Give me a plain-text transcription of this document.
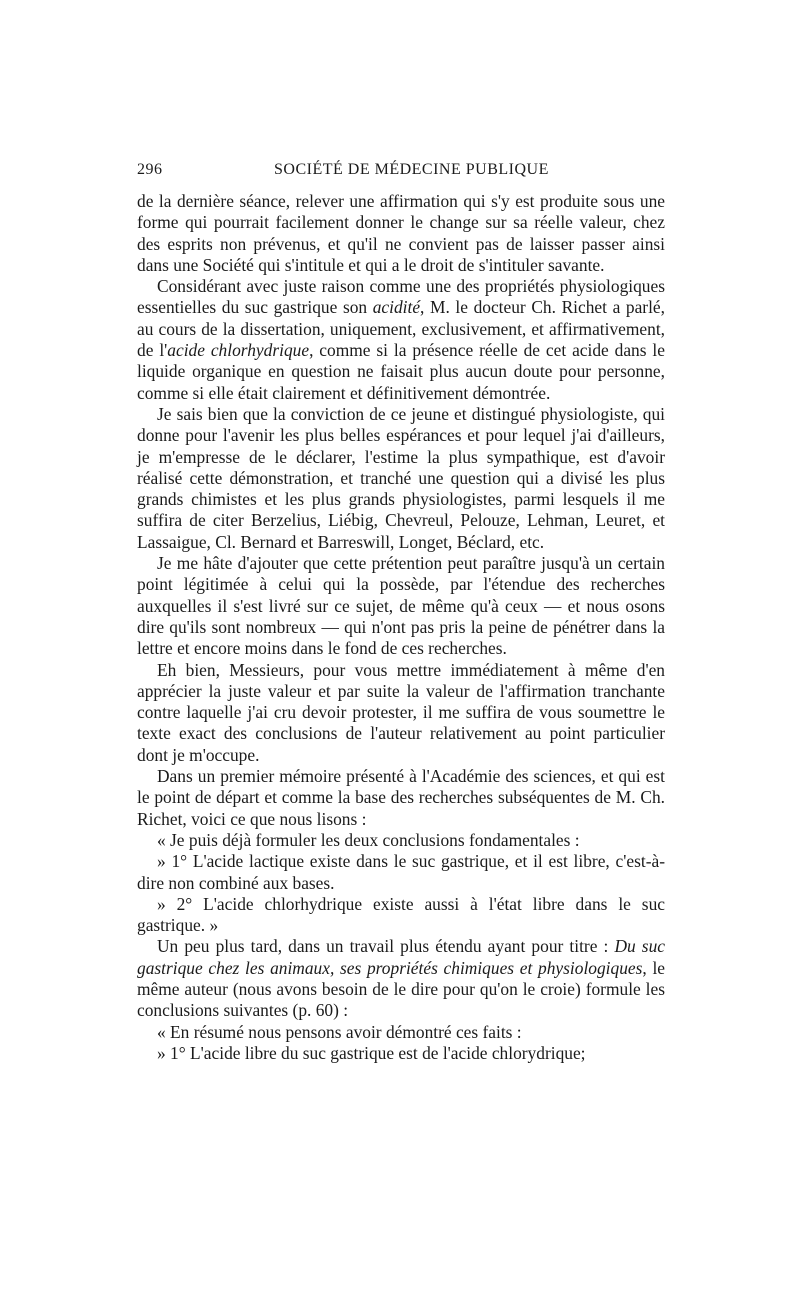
296	SOCIÉTÉ DE MÉDECINE PUBLIQUE

de la dernière séance, relever une affirmation qui s'y est produite sous une forme qui pourrait facilement donner le change sur sa réelle valeur, chez des esprits non prévenus, et qu'il ne convient pas de laisser passer ainsi dans une Société qui s'intitule et qui a le droit de s'intituler savante.

Considérant avec juste raison comme une des propriétés physiologiques essentielles du suc gastrique son acidité, M. le docteur Ch. Richet a parlé, au cours de la dissertation, uniquement, exclusivement, et affirmativement, de l'acide chlorhydrique, comme si la présence réelle de cet acide dans le liquide organique en question ne faisait plus aucun doute pour personne, comme si elle était clairement et définitivement démontrée.

Je sais bien que la conviction de ce jeune et distingué physiologiste, qui donne pour l'avenir les plus belles espérances et pour lequel j'ai d'ailleurs, je m'empresse de le déclarer, l'estime la plus sympathique, est d'avoir réalisé cette démonstration, et tranché une question qui a divisé les plus grands chimistes et les plus grands physiologistes, parmi lesquels il me suffira de citer Berzelius, Liébig, Chevreul, Pelouze, Lehman, Leuret, et Lassaigue, Cl. Bernard et Barreswill, Longet, Béclard, etc.

Je me hâte d'ajouter que cette prétention peut paraître jusqu'à un certain point légitimée à celui qui la possède, par l'étendue des recherches auxquelles il s'est livré sur ce sujet, de même qu'à ceux — et nous osons dire qu'ils sont nombreux — qui n'ont pas pris la peine de pénétrer dans la lettre et encore moins dans le fond de ces recherches.

Eh bien, Messieurs, pour vous mettre immédiatement à même d'en apprécier la juste valeur et par suite la valeur de l'affirmation tranchante contre laquelle j'ai cru devoir protester, il me suffira de vous soumettre le texte exact des conclusions de l'auteur relativement au point particulier dont je m'occupe.

Dans un premier mémoire présenté à l'Académie des sciences, et qui est le point de départ et comme la base des recherches subséquentes de M. Ch. Richet, voici ce que nous lisons :

« Je puis déjà formuler les deux conclusions fondamentales :

» 1° L'acide lactique existe dans le suc gastrique, et il est libre, c'est-à-dire non combiné aux bases.

» 2° L'acide chlorhydrique existe aussi à l'état libre dans le suc gastrique. »

Un peu plus tard, dans un travail plus étendu ayant pour titre : Du suc gastrique chez les animaux, ses propriétés chimiques et physiologiques, le même auteur (nous avons besoin de le dire pour qu'on le croie) formule les conclusions suivantes (p. 60) :

« En résumé nous pensons avoir démontré ces faits :

» 1° L'acide libre du suc gastrique est de l'acide chlorydrique;
